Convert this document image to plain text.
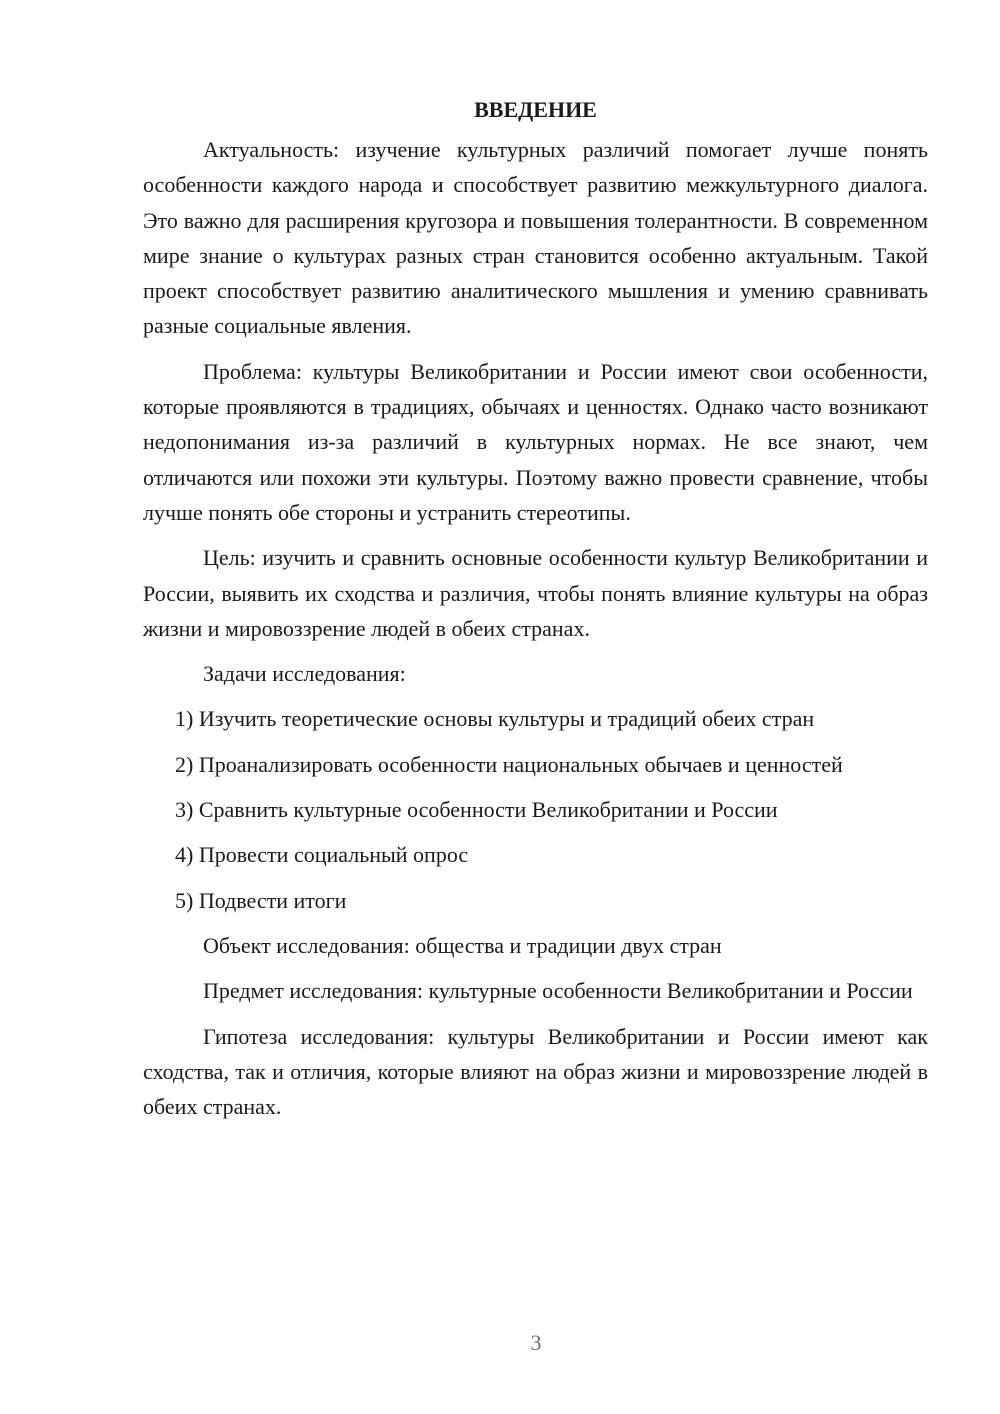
ВВЕДЕНИЕ

Актуальность: изучение культурных различий помогает лучше понять особенности каждого народа и способствует развитию межкультурного диалога. Это важно для расширения кругозора и повышения толерантности. В современном мире знание о культурах разных стран становится особенно актуальным. Такой проект способствует развитию аналитического мышления и умению сравнивать разные социальные явления.

Проблема: культуры Великобритании и России имеют свои особенности, которые проявляются в традициях, обычаях и ценностях. Однако часто возникают недопонимания из-за различий в культурных нормах. Не все знают, чем отличаются или похожи эти культуры. Поэтому важно провести сравнение, чтобы лучше понять обе стороны и устранить стереотипы.

Цель: изучить и сравнить основные особенности культур Великобритании и России, выявить их сходства и различия, чтобы понять влияние культуры на образ жизни и мировоззрение людей в обеих странах.

Задачи исследования:

1) Изучить теоретические основы культуры и традиций обеих стран

2) Проанализировать особенности национальных обычаев и ценностей

3) Сравнить культурные особенности Великобритании и России

4) Провести социальный опрос

5) Подвести итоги

Объект исследования: общества и традиции двух стран

Предмет исследования: культурные особенности Великобритании и России

Гипотеза исследования: культуры Великобритании и России имеют как сходства, так и отличия, которые влияют на образ жизни и мировоззрение людей в обеих странах.

3
